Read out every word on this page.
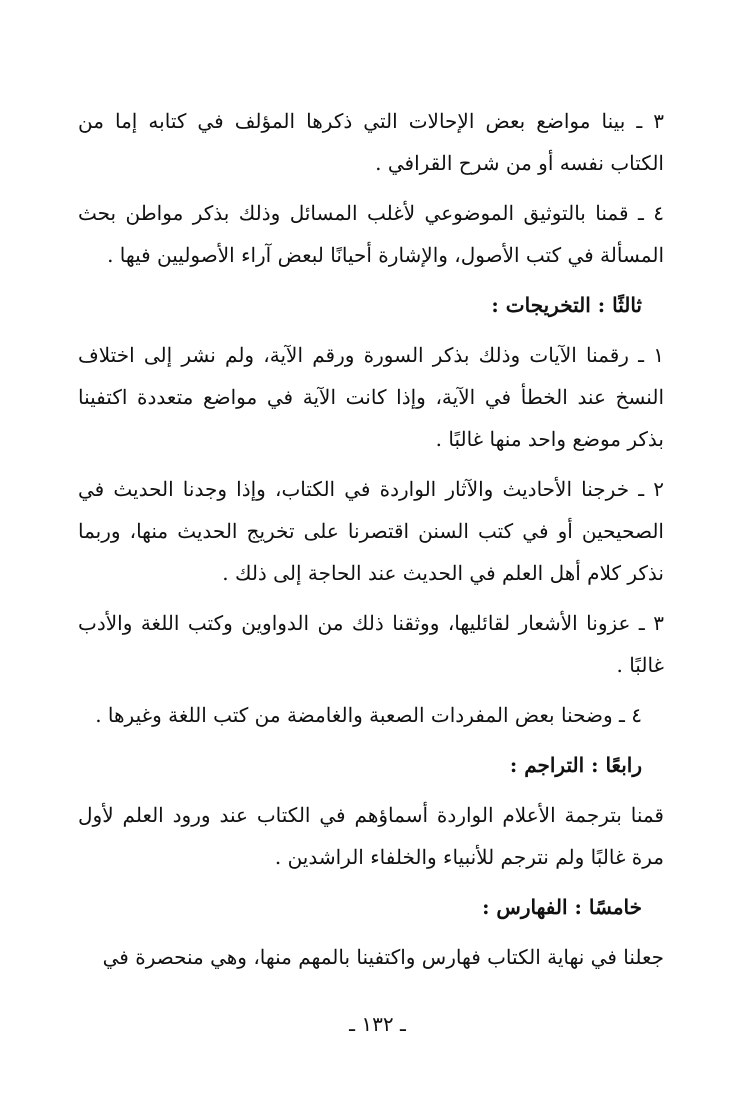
٣ ـ بينا مواضع بعض الإحالات التي ذكرها المؤلف في كتابه إما من الكتاب نفسه أو من شرح القرافي .

٤ ـ قمنا بالتوثيق الموضوعي لأغلب المسائل وذلك بذكر مواطن بحث المسألة في كتب الأصول، والإشارة أحيانًا لبعض آراء الأصوليين فيها .

ثالثًا : التخريجات :

١ ـ رقمنا الآيات وذلك بذكر السورة ورقم الآية، ولم نشر إلى اختلاف النسخ عند الخطأ في الآية، وإذا كانت الآية في مواضع متعددة اكتفينا بذكر موضع واحد منها غالبًا .

٢ ـ خرجنا الأحاديث والآثار الواردة في الكتاب، وإذا وجدنا الحديث في الصحيحين أو في كتب السنن اقتصرنا على تخريج الحديث منها، وربما نذكر كلام أهل العلم في الحديث عند الحاجة إلى ذلك .

٣ ـ عزونا الأشعار لقائليها، ووثقنا ذلك من الدواوين وكتب اللغة والأدب غالبًا .

٤ ـ وضحنا بعض المفردات الصعبة والغامضة من كتب اللغة وغيرها .

رابعًا : التراجم :

قمنا بترجمة الأعلام الواردة أسماؤهم في الكتاب عند ورود العلم لأول مرة غالبًا ولم نترجم للأنبياء والخلفاء الراشدين .

خامسًا : الفهارس :

جعلنا في نهاية الكتاب فهارس واكتفينا بالمهم منها، وهي منحصرة في

ـ ١٣٢ ـ
